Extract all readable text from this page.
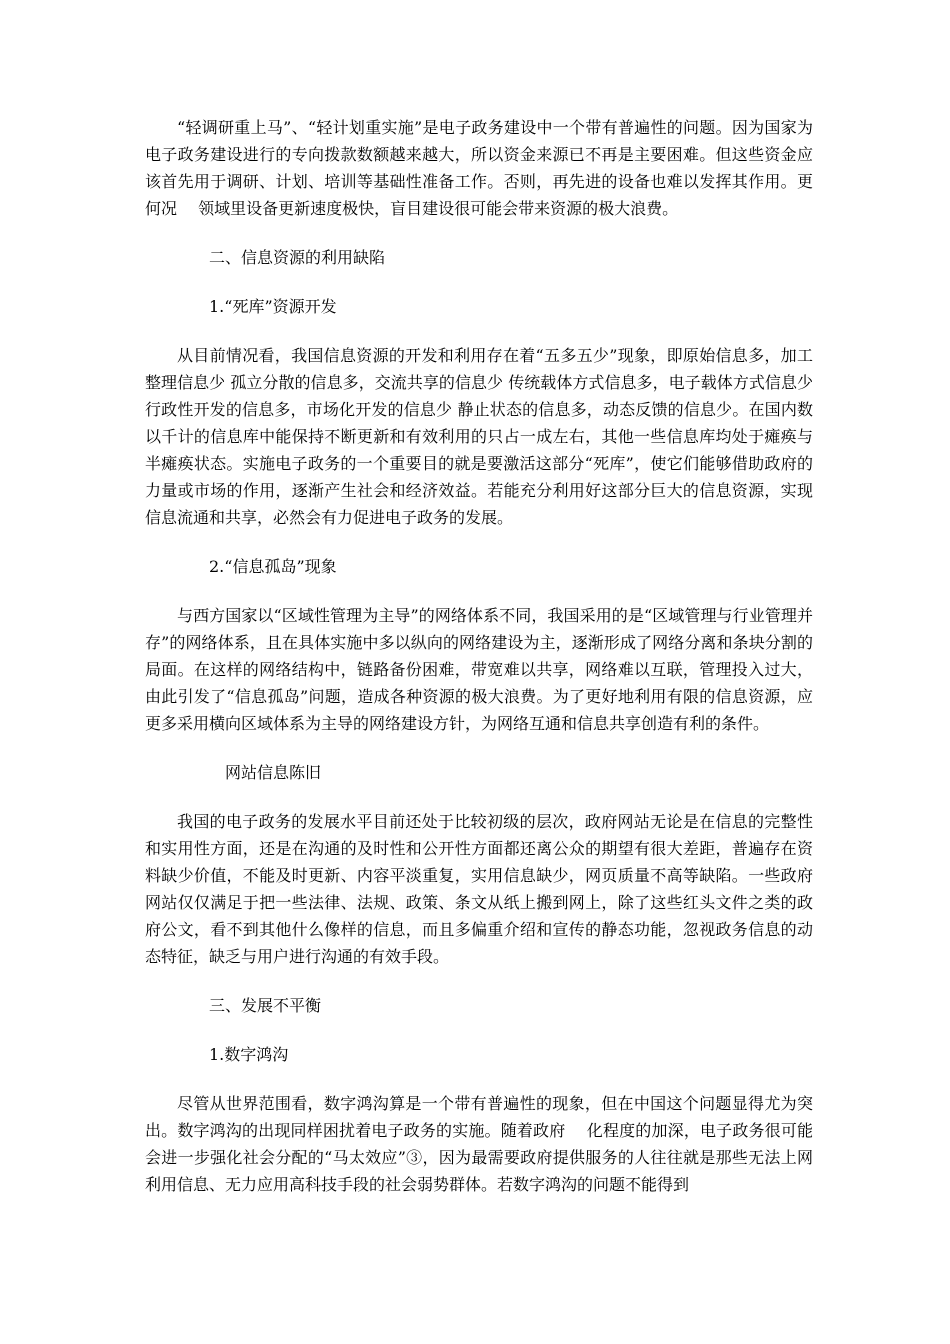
“轻调研重上马”、“轻计划重实施”是电子政务建设中一个带有普遍性的问题。因为国家为电子政务建设进行的专向拨款数额越来越大，所以资金来源已不再是主要困难。但这些资金应该首先用于调研、计划、培训等基础性准备工作。否则，再先进的设备也难以发挥其作用。更何况　 领域里设备更新速度极快，盲目建设很可能会带来资源的极大浪费。

二、信息资源的利用缺陷
1.“死库”资源开发

从目前情况看，我国信息资源的开发和利用存在着“五多五少”现象，即原始信息多，加工整理信息少 孤立分散的信息多，交流共享的信息少 传统载体方式信息多，电子载体方式信息少 行政性开发的信息多，市场化开发的信息少 静止状态的信息多，动态反馈的信息少。在国内数以千计的信息库中能保持不断更新和有效利用的只占一成左右，其他一些信息库均处于瘫痪与半瘫痪状态。实施电子政务的一个重要目的就是要激活这部分“死库”，使它们能够借助政府的力量或市场的作用，逐渐产生社会和经济效益。若能充分利用好这部分巨大的信息资源，实现信息流通和共享，必然会有力促进电子政务的发展。

2.“信息孤岛”现象

与西方国家以“区域性管理为主导”的网络体系不同，我国采用的是“区域管理与行业管理并存”的网络体系，且在具体实施中多以纵向的网络建设为主，逐渐形成了网络分离和条块分割的局面。在这样的网络结构中，链路备份困难，带宽难以共享，网络难以互联，管理投入过大，由此引发了“信息孤岛”问题，造成各种资源的极大浪费。为了更好地利用有限的信息资源，应更多采用横向区域体系为主导的网络建设方针，为网络互通和信息共享创造有利的条件。

网站信息陈旧

我国的电子政务的发展水平目前还处于比较初级的层次，政府网站无论是在信息的完整性和实用性方面，还是在沟通的及时性和公开性方面都还离公众的期望有很大差距，普遍存在资料缺少价值，不能及时更新、内容平淡重复，实用信息缺少，网页质量不高等缺陷。一些政府网站仅仅满足于把一些法律、法规、政策、条文从纸上搬到网上，除了这些红头文件之类的政府公文，看不到其他什么像样的信息，而且多偏重介绍和宣传的静态功能，忽视政务信息的动态特征，缺乏与用户进行沟通的有效手段。

三、发展不平衡
1.数字鸿沟

尽管从世界范围看，数字鸿沟算是一个带有普遍性的现象，但在中国这个问题显得尤为突出。数字鸿沟的出现同样困扰着电子政务的实施。随着政府　 化程度的加深，电子政务很可能会进一步强化社会分配的“马太效应”③，因为最需要政府提供服务的人往往就是那些无法上网利用信息、无力应用高科技手段的社会弱势群体。若数字鸿沟的问题不能得到
